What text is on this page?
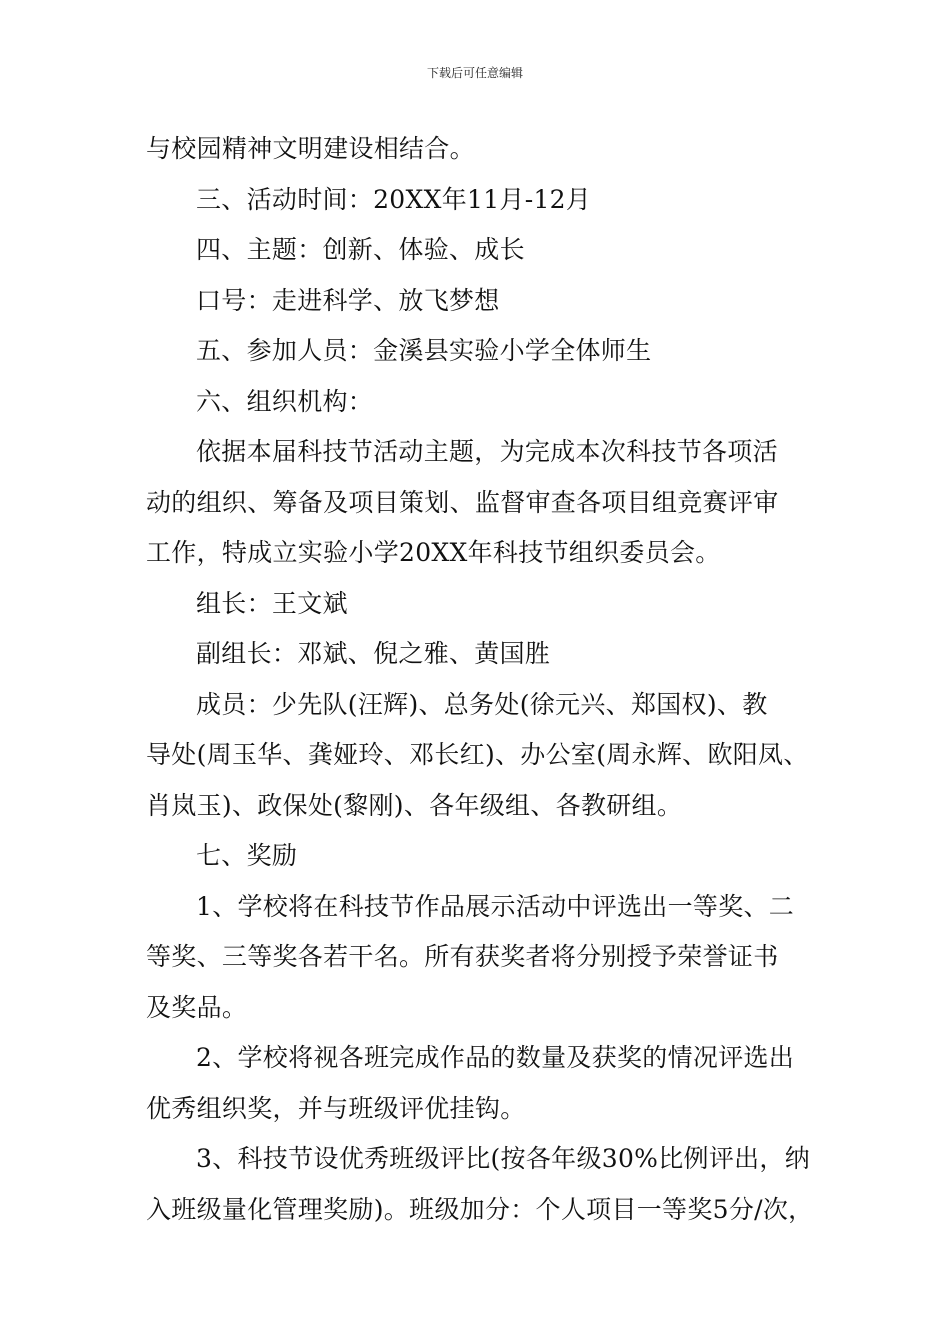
下载后可任意编辑
与校园精神文明建设相结合。
三、活动时间：20XX年11月-12月
四、主题：创新、体验、成长
口号：走进科学、放飞梦想
五、参加人员：金溪县实验小学全体师生
六、组织机构：
依据本届科技节活动主题，为完成本次科技节各项活
动的组织、筹备及项目策划、监督审查各项目组竞赛评审
工作，特成立实验小学20XX年科技节组织委员会。
组长：王文斌
副组长：邓斌、倪之雅、黄国胜
成员：少先队(汪辉)、总务处(徐元兴、郑国权)、教
导处(周玉华、龚娅玲、邓长红)、办公室(周永辉、欧阳凤、
肖岚玉)、政保处(黎刚)、各年级组、各教研组。
七、奖励
1、学校将在科技节作品展示活动中评选出一等奖、二
等奖、三等奖各若干名。所有获奖者将分别授予荣誉证书
及奖品。
2、学校将视各班完成作品的数量及获奖的情况评选出
优秀组织奖，并与班级评优挂钩。
3、科技节设优秀班级评比(按各年级30%比例评出，纳
入班级量化管理奖励)。班级加分：个人项目一等奖5分/次，
